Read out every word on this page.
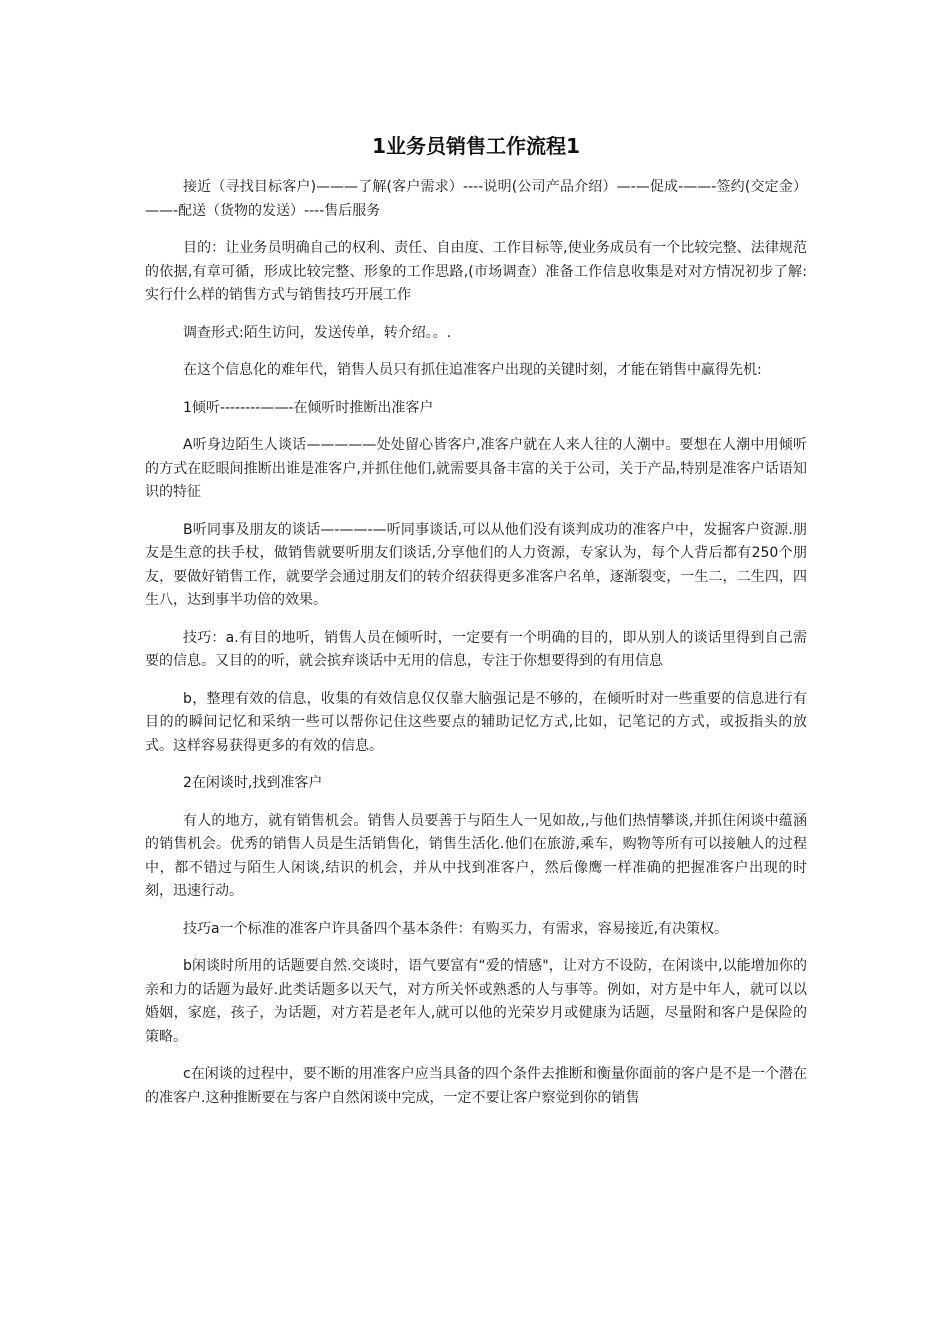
1业务员销售工作流程1

接近（寻找目标客户)———了解(客户需求）----说明(公司产品介绍）—-—促成-——-签约(交定金）——-配送（货物的发送）----售后服务

目的：让业务员明确自己的权利、责任、自由度、工作目标等,使业务成员有一个比较完整、法律规范的依据,有章可循，形成比较完整、形象的工作思路,(市场调查）准备工作信息收集是对对方情况初步了解:实行什么样的销售方式与销售技巧开展工作

调查形式:陌生访问，发送传单，转介绍。。.

在这个信息化的难年代，销售人员只有抓住追准客户出现的关键时刻，才能在销售中赢得先机:

1倾听--------——-在倾听时推断出准客户

A听身边陌生人谈话—————处处留心皆客户,准客户就在人来人往的人潮中。要想在人潮中用倾听的方式在眨眼间推断出谁是准客户,并抓住他们,就需要具备丰富的关于公司，关于产品,特别是准客户话语知识的特征

B听同事及朋友的谈话—-——-—听同事谈话,可以从他们没有谈判成功的准客户中，发掘客户资源.朋友是生意的扶手杖，做销售就要听朋友们谈话,分享他们的人力资源，专家认为，每个人背后都有250个朋友，要做好销售工作，就要学会通过朋友们的转介绍获得更多准客户名单，逐渐裂变，一生二，二生四，四生八，达到事半功倍的效果。

技巧：a.有目的地听，销售人员在倾听时，一定要有一个明确的目的，即从别人的谈话里得到自己需要的信息。又目的的听，就会摈弃谈话中无用的信息，专注于你想要得到的有用信息

b，整理有效的信息，收集的有效信息仅仅靠大脑强记是不够的，在倾听时对一些重要的信息进行有目的的瞬间记忆和采纳一些可以帮你记住这些要点的辅助记忆方式,比如，记笔记的方式，或扳指头的放式。这样容易获得更多的有效的信息。

2在闲谈时,找到准客户

有人的地方，就有销售机会。销售人员要善于与陌生人一见如故,,与他们热情攀谈,并抓住闲谈中蕴涵的销售机会。优秀的销售人员是生活销售化，销售生活化.他们在旅游,乘车，购物等所有可以接触人的过程中，都不错过与陌生人闲谈,结识的机会，并从中找到准客户，然后像鹰一样准确的把握准客户出现的时刻，迅速行动。

技巧a一个标准的准客户许具备四个基本条件：有购买力，有需求，容易接近,有决策权。

b闲谈时所用的话题要自然.交谈时，语气要富有“爱的情感"，让对方不设防，在闲谈中,以能增加你的亲和力的话题为最好.此类话题多以天气，对方所关怀或熟悉的人与事等。例如，对方是中年人，就可以以婚姻，家庭，孩子，为话题，对方若是老年人,就可以他的光荣岁月或健康为话题，尽量附和客户是保险的策略。

c在闲谈的过程中，要不断的用准客户应当具备的四个条件去推断和衡量你面前的客户是不是一个潜在的准客户.这种推断要在与客户自然闲谈中完成，一定不要让客户察觉到你的销售
